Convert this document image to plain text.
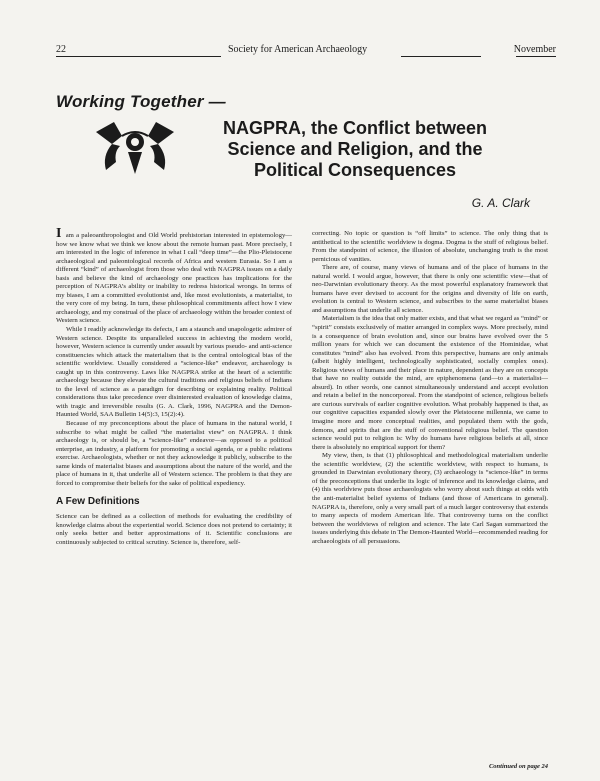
22	Society for American Archaeology	November
Working Together —
NAGPRA, the Conflict between
Science and Religion, and the
Political Consequences
G. A. Clark

I am a paleoanthropologist and Old World prehistorian interested in epistemology—how we know what we think we know about the remote human past. More precisely, I am interested in the logic of inference in what I call “deep time”—the Plio-Pleistocene archaeological and paleontological records of Africa and western Eurasia. So I am a different “kind” of archaeologist from those who deal with NAGPRA issues on a daily basis and believe the kind of archaeology one practices has implications for the perception of NAGPRA’s ability or inability to redress historical wrongs. In terms of my biases, I am a committed evolutionist and, like most evolutionists, a materialist, to the very core of my being. In turn, these philosophical commitments affect how I view archaeology, and my construal of the place of archaeology within the broader context of Western science.

While I readily acknowledge its defects, I am a staunch and unapologetic admirer of Western science. Despite its unparalleled success in achieving the modern world, however, Western science is currently under assault by various pseudo- and anti-science constituencies which attack the materialism that is the central ontological bias of the scientific worldview. Usually considered a “science-like” endeavor, archaeology is caught up in this controversy. Laws like NAGPRA strike at the heart of a scientific archaeology because they elevate the cultural traditions and religious beliefs of Indians to the level of science as a paradigm for describing or explaining reality. Political considerations thus take precedence over disinterested evaluation of knowledge claims, with tragic and irreversible results (G. A. Clark, 1996, NAGPRA and the Demon-Haunted World, SAA Bulletin 14(5):3, 15(2):4).

Because of my preconceptions about the place of humans in the natural world, I subscribe to what might be called “the materialist view” on NAGPRA. I think archaeology is, or should be, a “science-like” endeavor—as opposed to a political enterprise, an industry, a platform for promoting a social agenda, or a public relations exercise. Archaeologists, whether or not they acknowledge it publicly, subscribe to the same kinds of materialist biases and assumptions about the nature of the world, and the place of humans in it, that underlie all of Western science. The problem is that they are forced to compromise their beliefs for the sake of political expediency.

A Few Definitions

Science can be defined as a collection of methods for evaluating the credibility of knowledge claims about the experiential world. Science does not pretend to certainty; it only seeks better and better approximations of it. Scientific conclusions are continuously subjected to critical scrutiny. Science is, therefore, self-

correcting. No topic or question is “off limits” to science. The only thing that is antithetical to the scientific worldview is dogma. Dogma is the stuff of religious belief. From the standpoint of science, the illusion of absolute, unchanging truth is the most pernicious of vanities.

There are, of course, many views of humans and of the place of humans in the natural world. I would argue, however, that there is only one scientific view—that of neo-Darwinian evolutionary theory. As the most powerful explanatory framework that humans have ever devised to account for the origins and diversity of life on earth, evolution is central to Western science, and subscribes to the same materialist biases and assumptions that underlie all science.

Materialism is the idea that only matter exists, and that what we regard as “mind” or “spirit” consists exclusively of matter arranged in complex ways. More precisely, mind is a consequence of brain evolution and, since our brains have evolved over the 5 million years for which we can document the existence of the Hominidae, what constitutes “mind” also has evolved. From this perspective, humans are only animals (albeit highly intelligent, technologically sophisticated, socially complex ones). Religious views of humans and their place in nature, dependent as they are on concepts that have no reality outside the mind, are epiphenomena (and—to a materialist—absurd). In other words, one cannot simultaneously understand and accept evolution and retain a belief in the noncorporeal. From the standpoint of science, religious beliefs are curious survivals of earlier cognitive evolution. What probably happened is that, as our cognitive capacities expanded slowly over the Pleistocene millennia, we came to imagine more and more conceptual realities, and populated them with the gods, demons, and spirits that are the stuff of conventional religious belief. The question science would put to religion is: Why do humans have religious beliefs at all, since there is absolutely no empirical support for them?

My view, then, is that (1) philosophical and methodological materialism underlie the scientific worldview, (2) the scientific worldview, with respect to humans, is grounded in Darwinian evolutionary theory, (3) archaeology is “science-like” in terms of the preconceptions that underlie its logic of inference and its knowledge claims, and (4) this worldview puts those archaeologists who worry about such things at odds with the anti-materialist belief systems of Indians (and those of Americans in general). NAGPRA is, therefore, only a very small part of a much larger controversy that extends to many aspects of modern American life. That controversy turns on the conflict between the worldviews of religion and science. The late Carl Sagan summarized the issues underlying this debate in The Demon-Haunted World—recommended reading for archaeologists of all persuasions.

Continued on page 24
